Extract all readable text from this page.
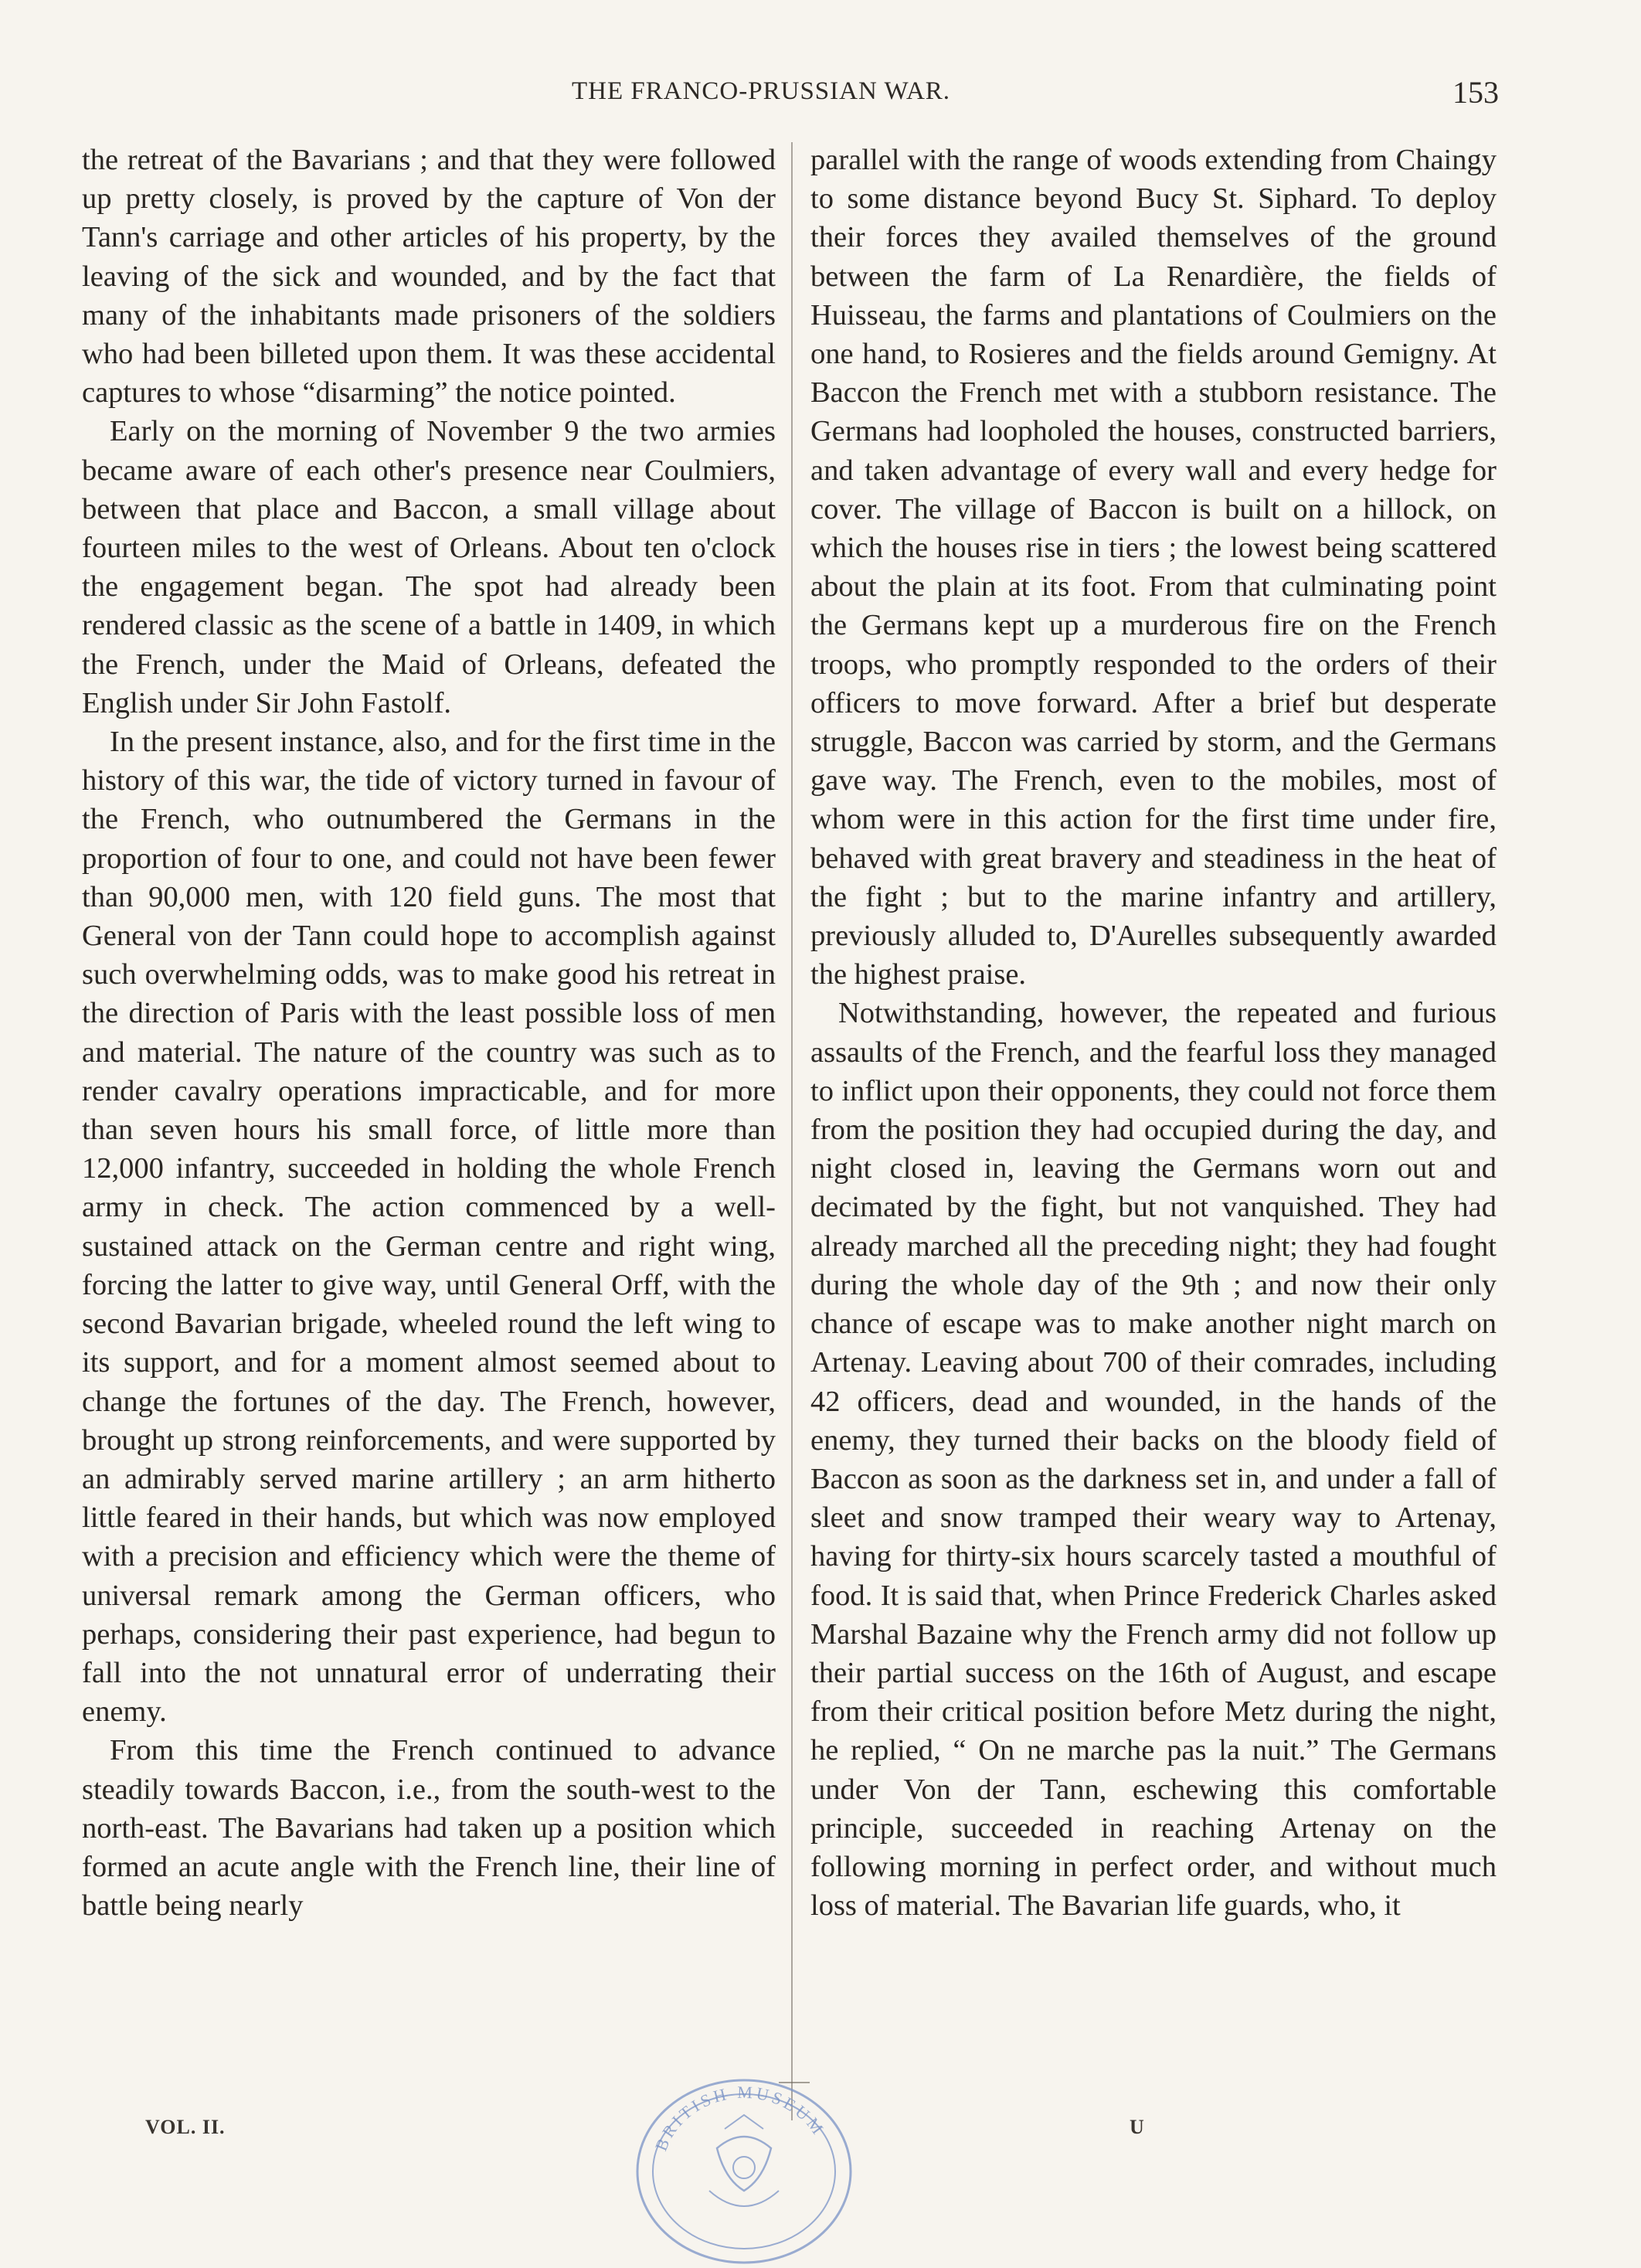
THE FRANCO-PRUSSIAN WAR.	153

the retreat of the Bavarians ; and that they were followed up pretty closely, is proved by the capture of Von der Tann's carriage and other articles of his property, by the leaving of the sick and wounded, and by the fact that many of the inhabitants made prisoners of the soldiers who had been billeted upon them. It was these accidental captures to whose “disarming” the notice pointed.

Early on the morning of November 9 the two armies became aware of each other's presence near Coulmiers, between that place and Baccon, a small village about fourteen miles to the west of Orleans. About ten o'clock the engagement began. The spot had already been rendered classic as the scene of a battle in 1409, in which the French, under the Maid of Orleans, defeated the English under Sir John Fastolf.

In the present instance, also, and for the first time in the history of this war, the tide of victory turned in favour of the French, who outnumbered the Germans in the proportion of four to one, and could not have been fewer than 90,000 men, with 120 field guns. The most that General von der Tann could hope to accomplish against such overwhelming odds, was to make good his retreat in the direction of Paris with the least possible loss of men and material. The nature of the country was such as to render cavalry operations impracticable, and for more than seven hours his small force, of little more than 12,000 infantry, succeeded in holding the whole French army in check. The action commenced by a well-sustained attack on the German centre and right wing, forcing the latter to give way, until General Orff, with the second Bavarian brigade, wheeled round the left wing to its support, and for a moment almost seemed about to change the fortunes of the day. The French, however, brought up strong reinforcements, and were supported by an admirably served marine artillery ; an arm hitherto little feared in their hands, but which was now employed with a precision and efficiency which were the theme of universal remark among the German officers, who perhaps, considering their past experience, had begun to fall into the not unnatural error of underrating their enemy.

From this time the French continued to advance steadily towards Baccon, i.e., from the south-west to the north-east. The Bavarians had taken up a position which formed an acute angle with the French line, their line of battle being nearly

parallel with the range of woods extending from Chaingy to some distance beyond Bucy St. Siphard. To deploy their forces they availed themselves of the ground between the farm of La Renardière, the fields of Huisseau, the farms and plantations of Coulmiers on the one hand, to Rosieres and the fields around Gemigny. At Baccon the French met with a stubborn resistance. The Germans had loopholed the houses, constructed barriers, and taken advantage of every wall and every hedge for cover. The village of Baccon is built on a hillock, on which the houses rise in tiers ; the lowest being scattered about the plain at its foot. From that culminating point the Germans kept up a murderous fire on the French troops, who promptly responded to the orders of their officers to move forward. After a brief but desperate struggle, Baccon was carried by storm, and the Germans gave way. The French, even to the mobiles, most of whom were in this action for the first time under fire, behaved with great bravery and steadiness in the heat of the fight ; but to the marine infantry and artillery, previously alluded to, D'Aurelles subsequently awarded the highest praise.

Notwithstanding, however, the repeated and furious assaults of the French, and the fearful loss they managed to inflict upon their opponents, they could not force them from the position they had occupied during the day, and night closed in, leaving the Germans worn out and decimated by the fight, but not vanquished. They had already marched all the preceding night; they had fought during the whole day of the 9th ; and now their only chance of escape was to make another night march on Artenay. Leaving about 700 of their comrades, including 42 officers, dead and wounded, in the hands of the enemy, they turned their backs on the bloody field of Baccon as soon as the darkness set in, and under a fall of sleet and snow tramped their weary way to Artenay, having for thirty-six hours scarcely tasted a mouthful of food. It is said that, when Prince Frederick Charles asked Marshal Bazaine why the French army did not follow up their partial success on the 16th of August, and escape from their critical position before Metz during the night, he replied, “ On ne marche pas la nuit.” The Germans under Von der Tann, eschewing this comfortable principle, succeeded in reaching Artenay on the following morning in perfect order, and without much loss of material. The Bavarian life guards, who, it

VOL. II.	U
BRITISH MUSEUM
